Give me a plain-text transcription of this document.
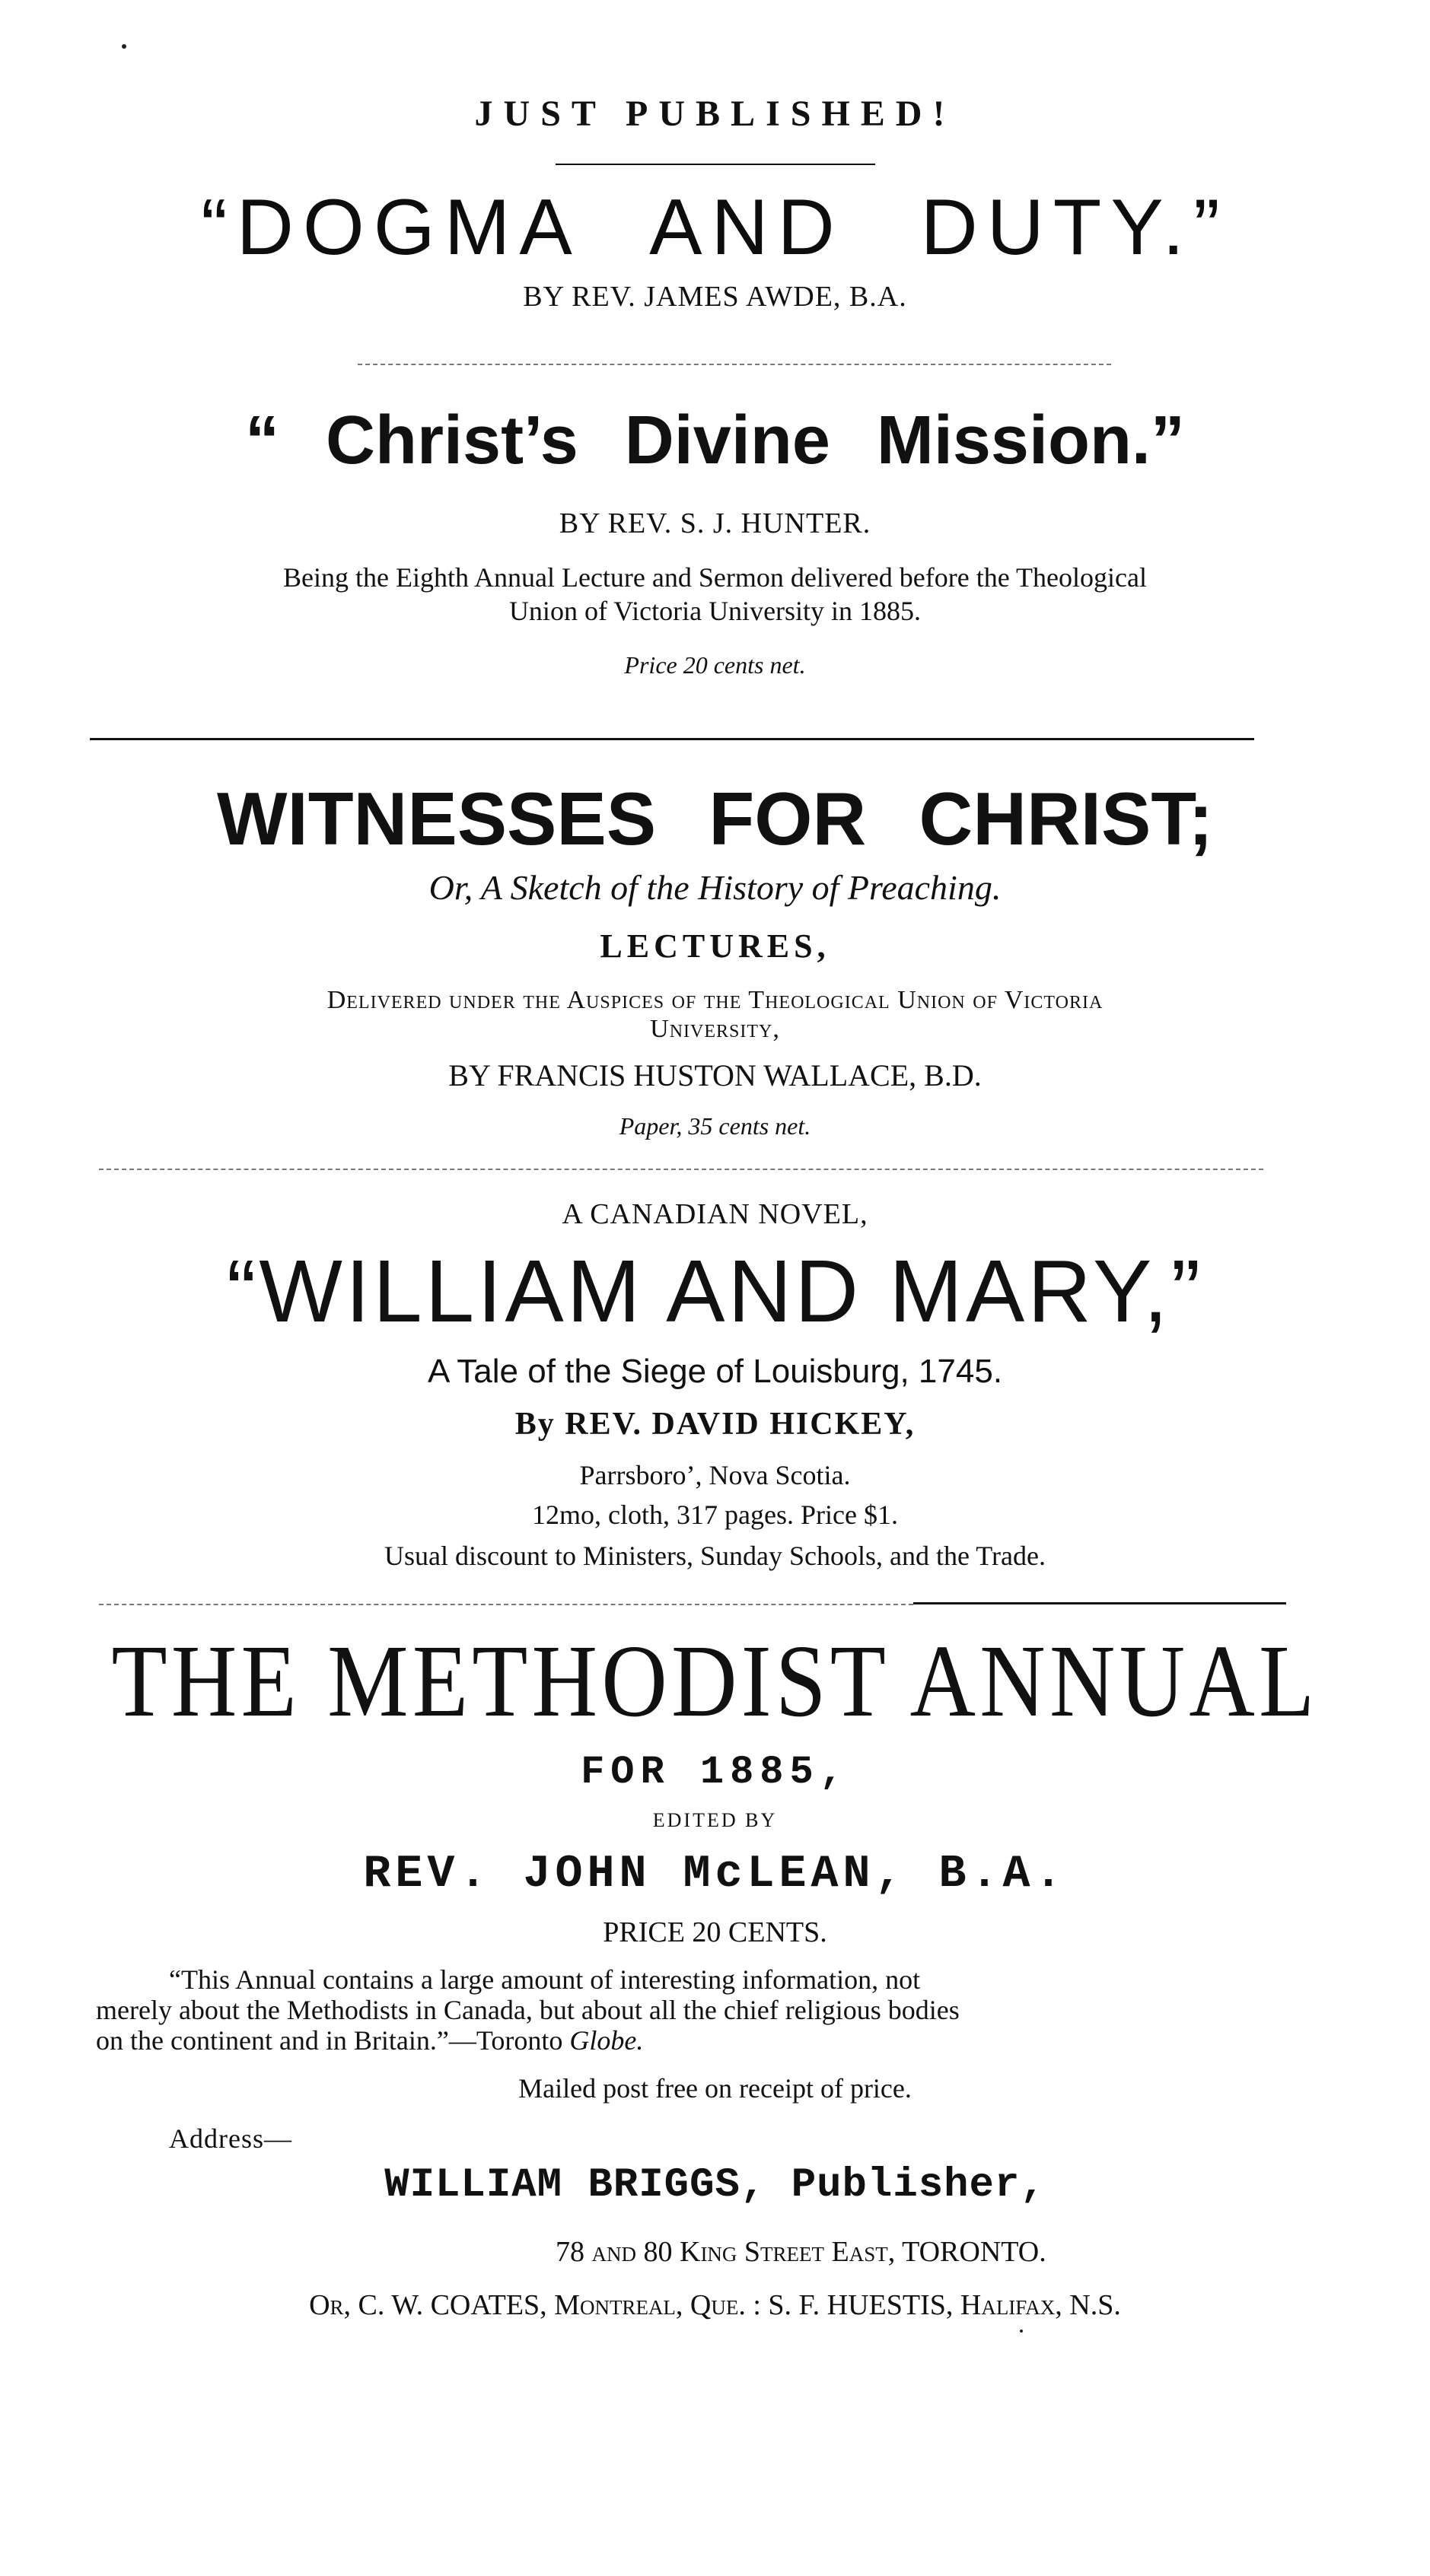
JUST PUBLISHED!
“DOGMA AND DUTY.”
BY REV. JAMES AWDE, B.A.
“ Christ’s Divine Mission.”
BY REV. S. J. HUNTER.
Being the Eighth Annual Lecture and Sermon delivered before the Theological
Union of Victoria University in 1885.
Price 20 cents net.
WITNESSES FOR CHRIST;
Or, A Sketch of the History of Preaching.
LECTURES,
Delivered under the Auspices of the Theological Union of Victoria
University,
BY FRANCIS HUSTON WALLACE, B.D.
Paper, 35 cents net.
A CANADIAN NOVEL,
“WILLIAM AND MARY,”
A Tale of the Siege of Louisburg, 1745.
By REV. DAVID HICKEY,
Parrsboro’, Nova Scotia.
12mo, cloth, 317 pages. Price $1.
Usual discount to Ministers, Sunday Schools, and the Trade.
THE METHODIST ANNUAL
FOR 1885,
EDITED BY
REV. JOHN McLEAN, B.A.
PRICE 20 CENTS.
“This Annual contains a large amount of interesting information, not
merely about the Methodists in Canada, but about all the chief religious bodies
on the continent and in Britain.”—Toronto Globe.
Mailed post free on receipt of price.
Address—
WILLIAM BRIGGS, Publisher,
78 and 80 King Street East, TORONTO.
Or, C. W. COATES, Montreal, Que. : S. F. HUESTIS, Halifax, N.S.
